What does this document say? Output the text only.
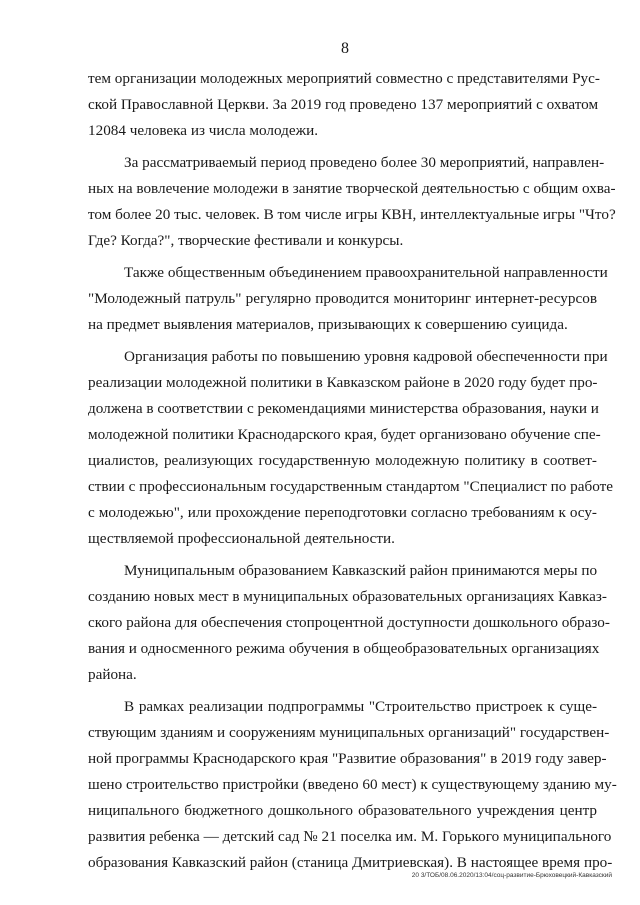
8

тем организации молодежных мероприятий совместно с представителями Рус-
ской Православной Церкви. За 2019 год проведено 137 мероприятий с охватом
12084 человека из числа молодежи.
За рассматриваемый период проведено более 30 мероприятий, направлен-
ных на вовлечение молодежи в занятие творческой деятельностью с общим охва-
том более 20 тыс. человек. В том числе игры КВН, интеллектуальные игры "Что?
Где? Когда?", творческие фестивали и конкурсы.
Также общественным объединением правоохранительной направленности
"Молодежный патруль" регулярно проводится мониторинг интернет-ресурсов
на предмет выявления материалов, призывающих к совершению суицида.
Организация работы по повышению уровня кадровой обеспеченности при
реализации молодежной политики в Кавказском районе в 2020 году будет про-
должена в соответствии с рекомендациями министерства образования, науки и
молодежной политики Краснодарского края, будет организовано обучение спе-
циалистов, реализующих государственную молодежную политику в соответ-
ствии с профессиональным государственным стандартом "Специалист по работе
с молодежью", или прохождение переподготовки согласно требованиям к осу-
ществляемой профессиональной деятельности.
Муниципальным образованием Кавказский район принимаются меры по
созданию новых мест в муниципальных образовательных организациях Кавказ-
ского района для обеспечения стопроцентной доступности дошкольного образо-
вания и односменного режима обучения в общеобразовательных организациях
района.
В рамках реализации подпрограммы "Строительство пристроек к суще-
ствующим зданиям и сооружениям муниципальных организаций" государствен-
ной программы Краснодарского края "Развитие образования" в 2019 году завер-
шено строительство пристройки (введено 60 мест) к существующему зданию му-
ниципального бюджетного дошкольного образовательного учреждения центр
развития ребенка — детский сад № 21 поселка им. М. Горького муниципального
образования Кавказский район (станица Дмитриевская). В настоящее время про-

20 3/ТОБ/08.06.2020/13:04/соц-развитие-Брюховецкий-Кавказский
